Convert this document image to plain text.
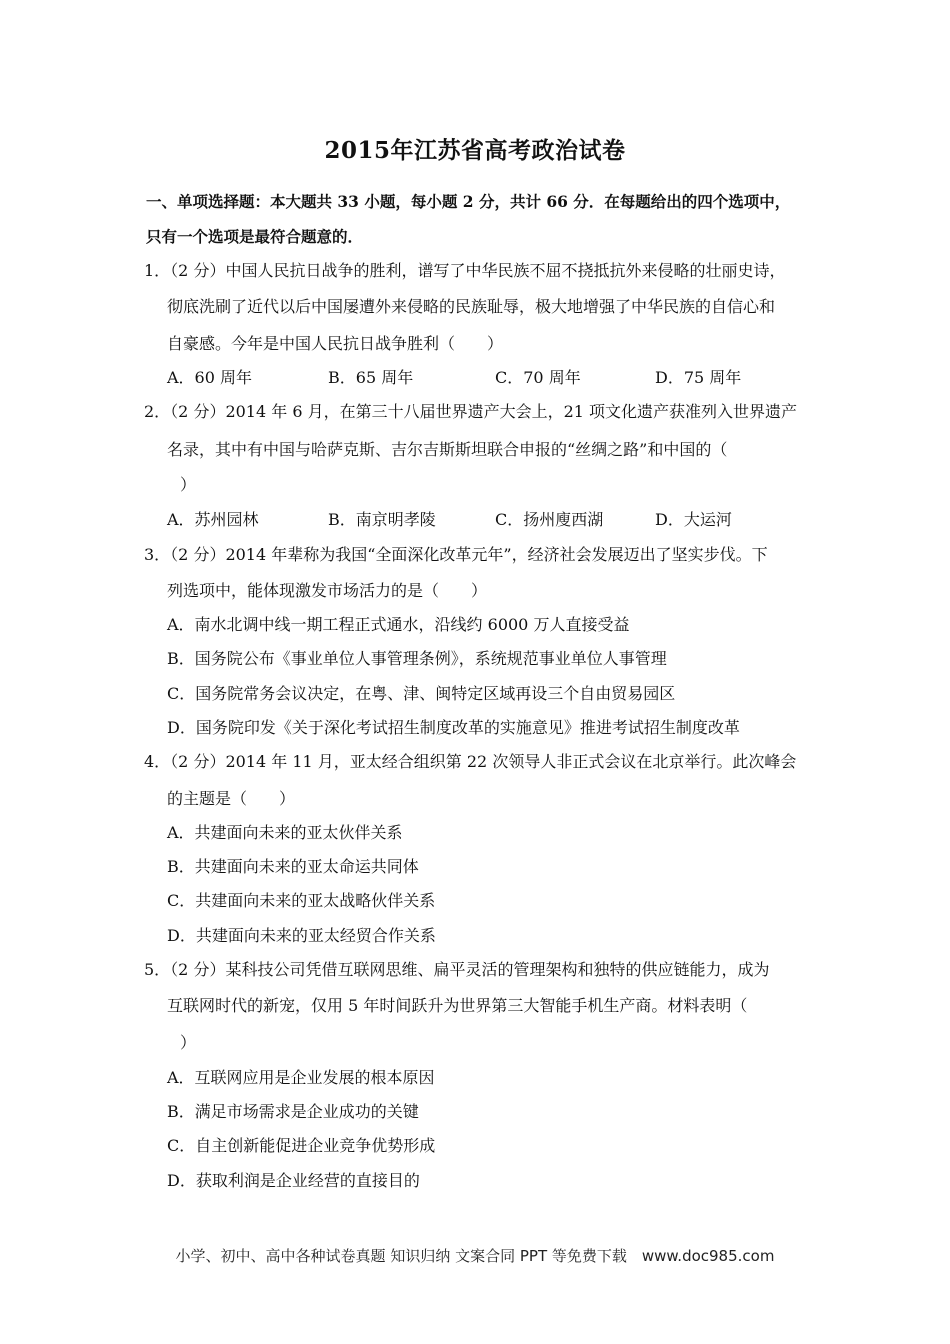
2015年江苏省高考政治试卷
一、单项选择题：本大题共 33 小题，每小题 2 分，共计 66 分．在每题给出的四个选项中，
只有一个选项是最符合题意的．
1．（2 分）中国人民抗日战争的胜利，谱写了中华民族不屈不挠抵抗外来侵略的壮丽史诗，
彻底洗刷了近代以后中国屡遭外来侵略的民族耻辱，极大地增强了中华民族的自信心和
自豪感。今年是中国人民抗日战争胜利（　　）
A．60 周年	B．65 周年	C．70 周年	D．75 周年
2．（2 分）2014 年 6 月，在第三十八届世界遗产大会上，21 项文化遗产获准列入世界遗产
名录，其中有中国与哈萨克斯、吉尔吉斯斯坦联合申报的“丝绸之路”和中国的（
）
A．苏州园林	B．南京明孝陵	C．扬州廋西湖	D．大运河
3．（2 分）2014 年辈称为我国“全面深化改革元年”，经济社会发展迈出了坚实步伐。下
列选项中，能体现激发市场活力的是（　　）
A．南水北调中线一期工程正式通水，沿线约 6000 万人直接受益
B．国务院公布《事业单位人事管理条例》，系统规范事业单位人事管理
C．国务院常务会议决定，在粤、津、闽特定区域再设三个自由贸易园区
D．国务院印发《关于深化考试招生制度改革的实施意见》推进考试招生制度改革
4．（2 分）2014 年 11 月，亚太经合组织第 22 次领导人非正式会议在北京举行。此次峰会
的主题是（　　）
A．共建面向未来的亚太伙伴关系
B．共建面向未来的亚太命运共同体
C．共建面向未来的亚太战略伙伴关系
D．共建面向未来的亚太经贸合作关系
5．（2 分）某科技公司凭借互联网思维、扁平灵活的管理架构和独特的供应链能力，成为
互联网时代的新宠，仅用 5 年时间跃升为世界第三大智能手机生产商。材料表明（
）
A．互联网应用是企业发展的根本原因
B．满足市场需求是企业成功的关键
C．自主创新能促进企业竞争优势形成
D．获取利润是企业经营的直接目的
小学、初中、高中各种试卷真题 知识归纳 文案合同 PPT 等免费下载　www.doc985.com
